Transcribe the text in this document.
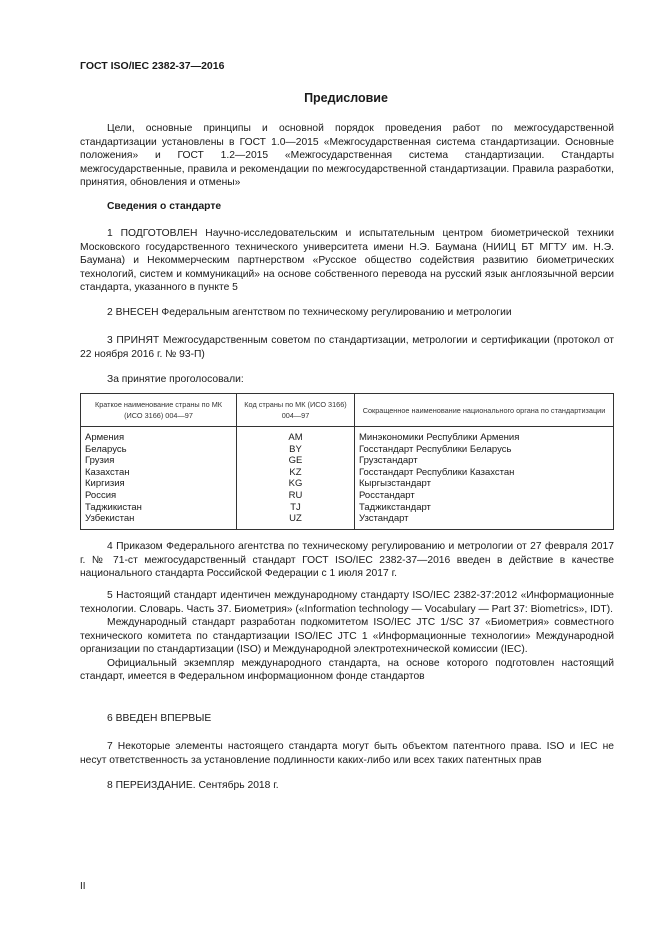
ГОСТ ISO/IEC 2382-37—2016
Предисловие

Цели, основные принципы и основной порядок проведения работ по межгосударственной стандартизации установлены в ГОСТ 1.0—2015 «Межгосударственная система стандартизации. Основные положения» и ГОСТ 1.2—2015 «Межгосударственная система стандартизации. Стандарты межгосударственные, правила и рекомендации по межгосударственной стандартизации. Правила разработки, принятия, обновления и отмены»

Сведения о стандарте

1 ПОДГОТОВЛЕН Научно-исследовательским и испытательным центром биометрической техники Московского государственного технического университета имени Н.Э. Баумана (НИИЦ БТ МГТУ им. Н.Э. Баумана) и Некоммерческим партнерством «Русское общество содействия развитию биометрических технологий, систем и коммуникаций» на основе собственного перевода на русский язык англоязычной версии стандарта, указанного в пункте 5

2 ВНЕСЕН Федеральным агентством по техническому регулированию и метрологии

3 ПРИНЯТ Межгосударственным советом по стандартизации, метрологии и сертификации (протокол от 22 ноября 2016 г. № 93-П)

За принятие проголосовали:

Краткое наименование страны по МК (ИСО 3166) 004—97	Код страны по МК (ИСО 3166) 004—97	Сокращенное наименование национального органа по стандартизации
Армения	AM	Минэкономики Республики Армения
Беларусь	BY	Госстандарт Республики Беларусь
Грузия	GE	Грузстандарт
Казахстан	KZ	Госстандарт Республики Казахстан
Киргизия	KG	Кыргызстандарт
Россия	RU	Росстандарт
Таджикистан	TJ	Таджикстандарт
Узбекистан	UZ	Узстандарт

4 Приказом Федерального агентства по техническому регулированию и метрологии от 27 февраля 2017 г. № 71-ст межгосударственный стандарт ГОСТ ISO/IEC 2382-37—2016 введен в действие в качестве национального стандарта Российской Федерации с 1 июля 2017 г.

5 Настоящий стандарт идентичен международному стандарту ISO/IEC 2382-37:2012 «Информационные технологии. Словарь. Часть 37. Биометрия» («Information technology — Vocabulary — Part 37: Biometrics», IDT).

Международный стандарт разработан подкомитетом ISO/IEC JTC 1/SC 37 «Биометрия» совместного технического комитета по стандартизации ISO/IEC JTC 1 «Информационные технологии» Международной организации по стандартизации (ISO) и Международной электротехнической комиссии (IEC).

Официальный экземпляр международного стандарта, на основе которого подготовлен настоящий стандарт, имеется в Федеральном информационном фонде стандартов

6 ВВЕДЕН ВПЕРВЫЕ

7 Некоторые элементы настоящего стандарта могут быть объектом патентного права. ISO и IEC не несут ответственность за установление подлинности каких-либо или всех таких патентных прав

8 ПЕРЕИЗДАНИЕ. Сентябрь 2018 г.

II
